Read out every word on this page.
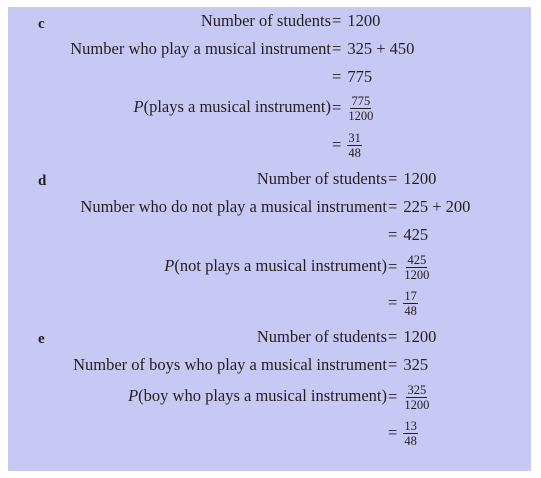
c	Number of students = 1200
Number who play a musical instrument = 325 + 450
= 775
P(plays a musical instrument) = $\frac{775}{1200}$
= $\frac{31}{48}$
d	Number of students = 1200
Number who do not play a musical instrument = 225 + 200
= 425
P(not plays a musical instrument) = $\frac{425}{1200}$
= $\frac{17}{48}$
e	Number of students = 1200
Number of boys who play a musical instrument = 325
P(boy who plays a musical instrument) = $\frac{325}{1200}$
= $\frac{13}{48}$
